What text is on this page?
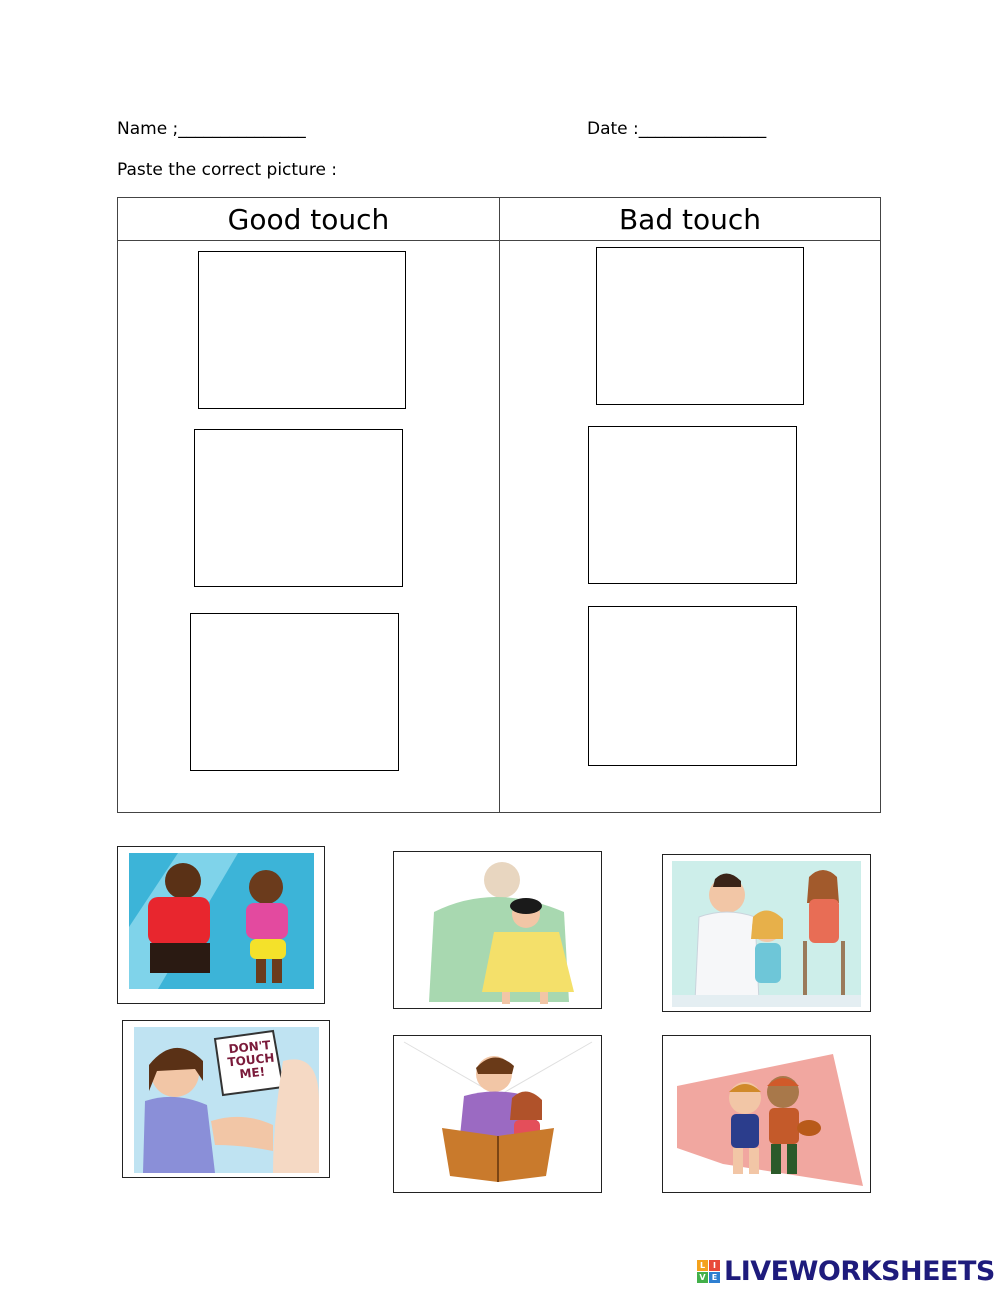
Name ;_______________	Date :_______________
Paste the correct picture :
Good touch	Bad touch
DON'T TOUCH ME!
L I
V E LIVEWORKSHEETS
